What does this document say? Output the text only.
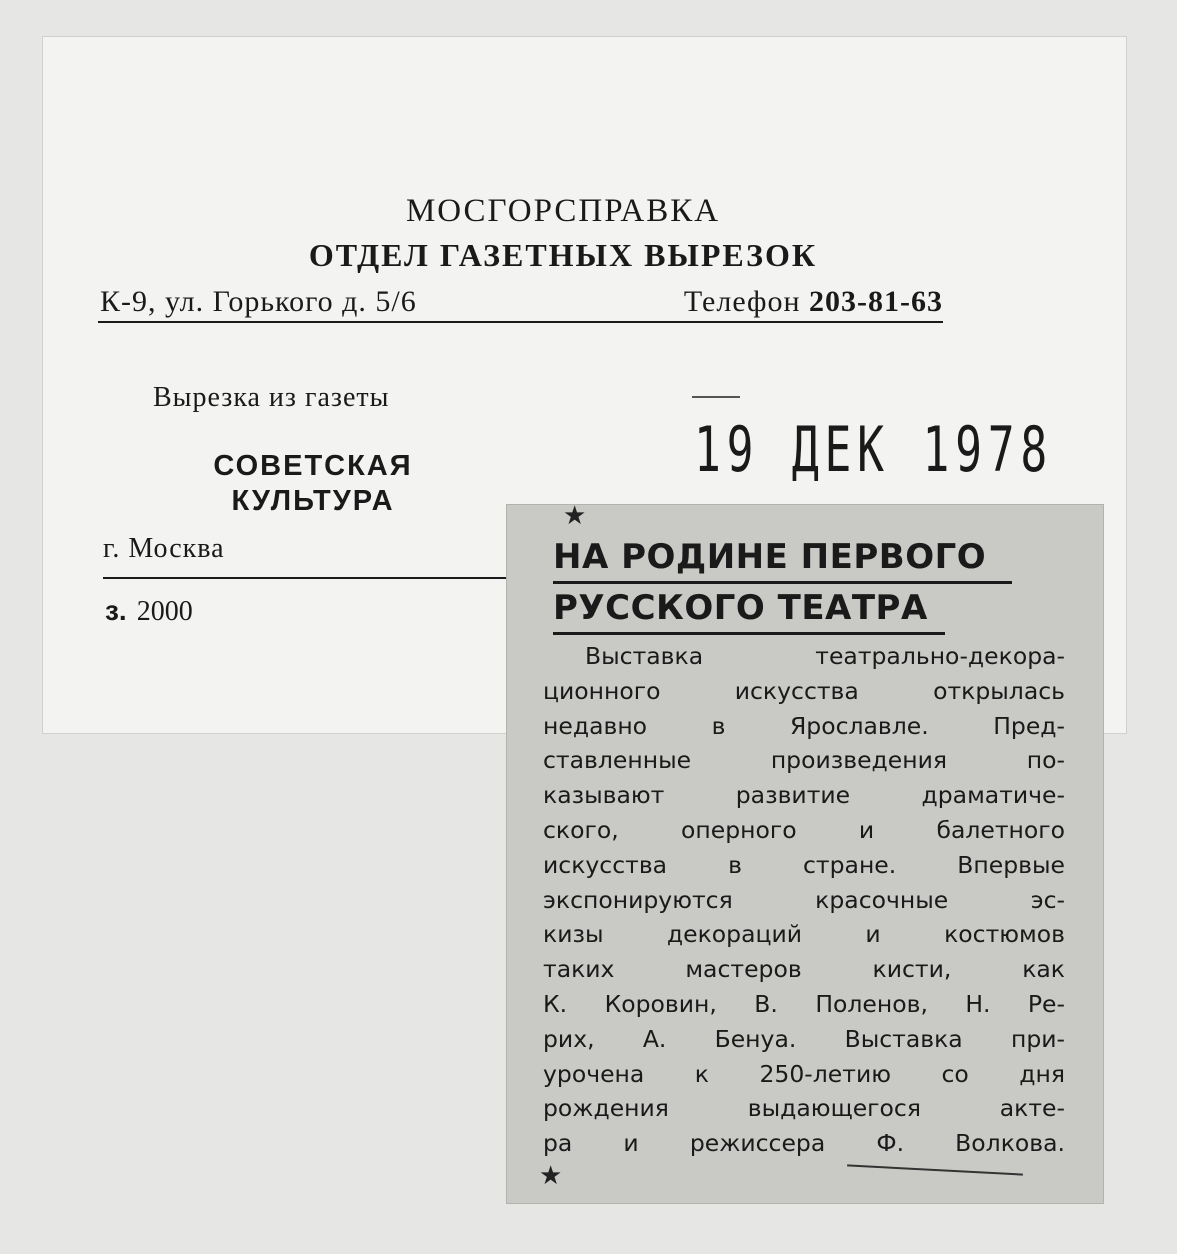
МОСГОРСПРАВКА
ОТДЕЛ ГАЗЕТНЫХ ВЫРЕЗОК
К-9, ул. Горького д. 5/6	Телефон 203-81-63
Вырезка из газеты
СОВЕТСКАЯ
КУЛЬТУРА
г. Москва
з. 2000
19 ДЕК 1978
★
НА РОДИНЕ ПЕРВОГО
РУССКОГО ТЕАТРА
Выставка театрально-декора-
ционного искусства открылась
недавно в Ярославле. Пред-
ставленные произведения по-
казывают развитие драматиче-
ского, оперного и балетного
искусства в стране. Впервые
экспонируются красочные эс-
кизы декораций и костюмов
таких мастеров кисти, как
К. Коровин, В. Поленов, Н. Ре-
рих, А. Бенуа. Выставка при-
урочена к 250-летию со дня
рождения выдающегося акте-
ра и режиссера Ф. Волкова.
★
